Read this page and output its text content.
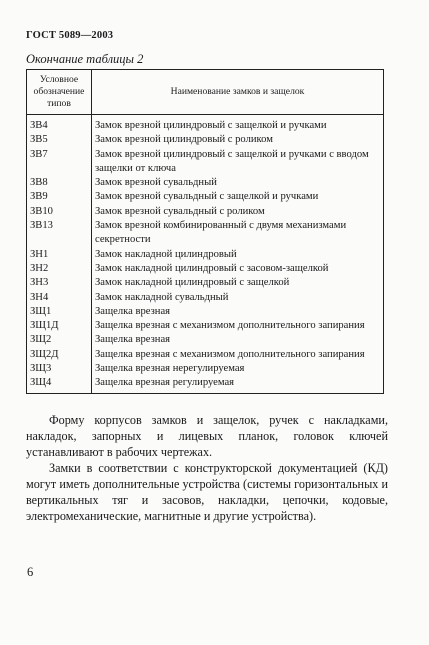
ГОСТ 5089—2003
Окончание таблицы 2
Условное обозначение типов	Наименование замков и защелок
ЗВ4	Замок врезной цилиндровый с защелкой и ручками
ЗВ5	Замок врезной цилиндровый с роликом
ЗВ7	Замок врезной цилиндровый с защелкой и ручками с вводом защелки от ключа
ЗВ8	Замок врезной сувальдный
ЗВ9	Замок врезной сувальдный с защелкой и ручками
ЗВ10	Замок врезной сувальдный с роликом
ЗВ13	Замок врезной комбинированный с двумя механизмами секретности
ЗН1	Замок накладной цилиндровый
ЗН2	Замок накладной цилиндровый с засовом-защелкой
ЗН3	Замок накладной цилиндровый с защелкой
ЗН4	Замок накладной сувальдный
ЗЩ1	Защелка врезная
ЗЩ1Д	Защелка врезная с механизмом дополнительного запирания
ЗЩ2	Защелка врезная
ЗЩ2Д	Защелка врезная с механизмом дополнительного запирания
ЗЩ3	Защелка врезная нерегулируемая
ЗЩ4	Защелка врезная регулируемая
Форму корпусов замков и защелок, ручек с накладками, накладок, запорных и лицевых планок, головок ключей устанавливают в рабочих чертежах.
Замки в соответствии с конструкторской документацией (КД) могут иметь дополнительные устройства (системы горизонтальных и вертикальных тяг и засовов, накладки, цепочки, кодовые, электромеханические, магнитные и другие устройства).
6
